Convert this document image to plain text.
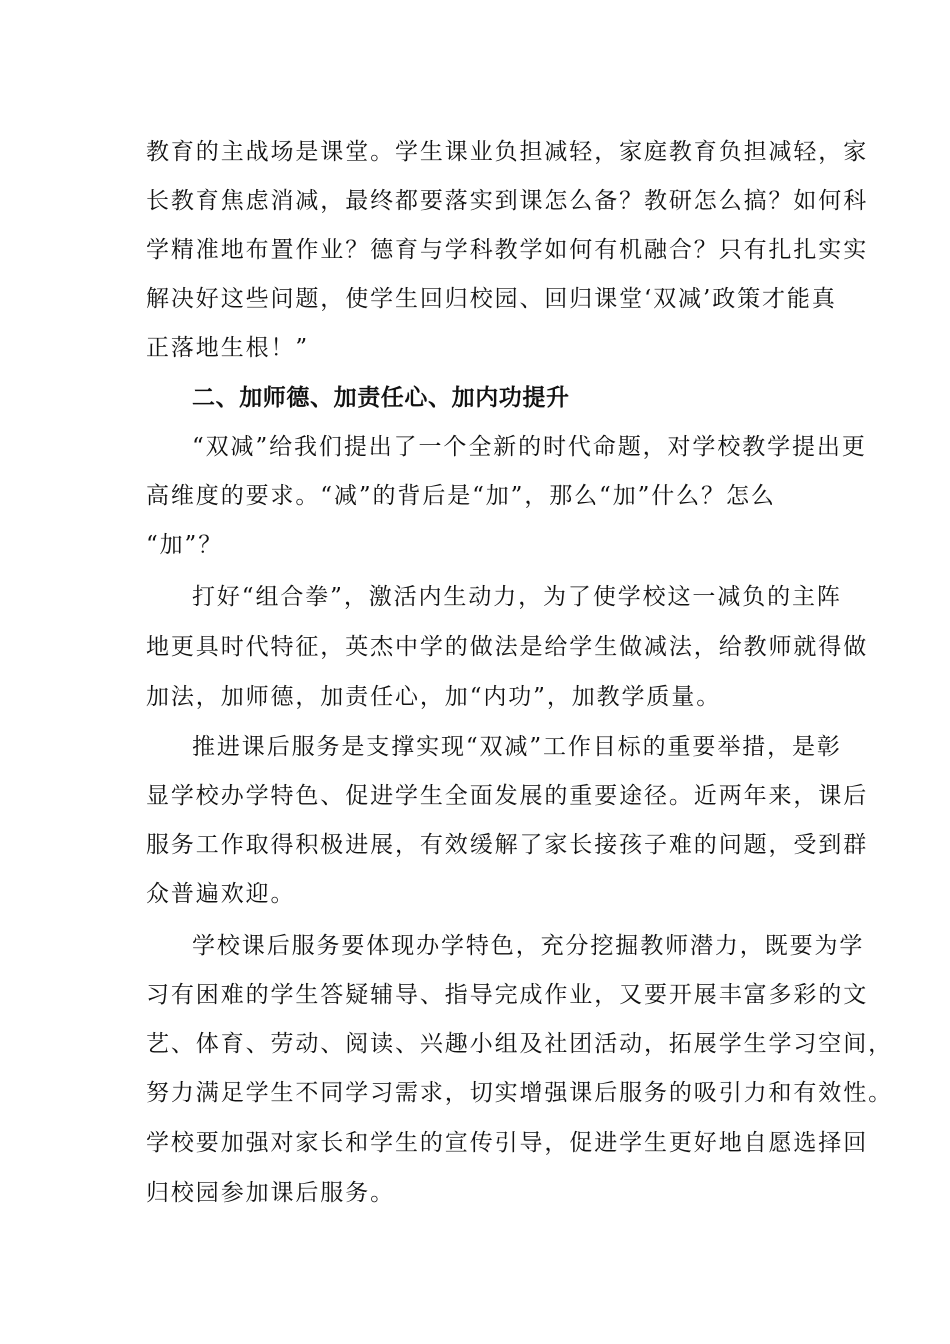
教育的主战场是课堂。学生课业负担减轻，家庭教育负担减轻，家

长教育焦虑消减，最终都要落实到课怎么备？教研怎么搞？如何科

学精准地布置作业？德育与学科教学如何有机融合？只有扎扎实实

解决好这些问题，使学生回归校园、回归课堂‘双减’政策才能真

正落地生根！”

二、加师德、加责任心、加内功提升

“双减”给我们提出了一个全新的时代命题，对学校教学提出更

高维度的要求。“减”的背后是“加”，那么“加”什么？怎么

“加”？

打好“组合拳”，激活内生动力，为了使学校这一减负的主阵

地更具时代特征，英杰中学的做法是给学生做减法，给教师就得做

加法，加师德，加责任心，加“内功”，加教学质量。

推进课后服务是支撑实现“双减”工作目标的重要举措，是彰

显学校办学特色、促进学生全面发展的重要途径。近两年来，课后

服务工作取得积极进展，有效缓解了家长接孩子难的问题，受到群

众普遍欢迎。

学校课后服务要体现办学特色，充分挖掘教师潜力，既要为学

习有困难的学生答疑辅导、指导完成作业，又要开展丰富多彩的文

艺、体育、劳动、阅读、兴趣小组及社团活动，拓展学生学习空间，

努力满足学生不同学习需求，切实增强课后服务的吸引力和有效性。

学校要加强对家长和学生的宣传引导，促进学生更好地自愿选择回

归校园参加课后服务。
